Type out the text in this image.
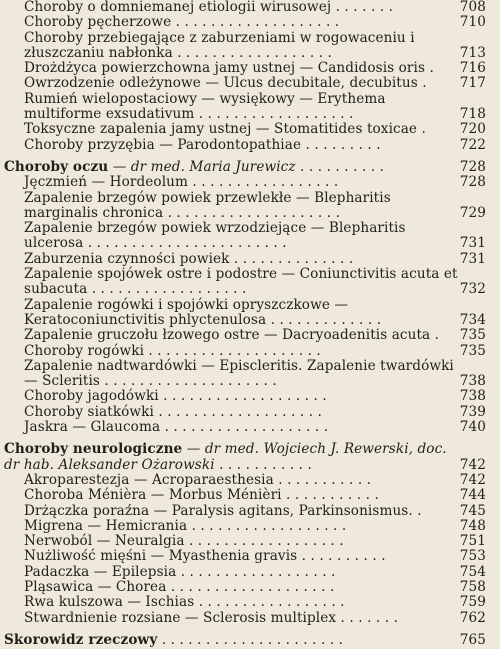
Choroby o domniemanej etiologii wirusowej . . . . . . .	708
Choroby pęcherzowe . . . . . . . . . . . . . . . . . . .	710
Choroby przebiegające z zaburzeniami w rogowaceniu i złuszczaniu nabłonka . . . . . . . . . . . . . . . . . .	713
Drożdżyca powierzchowna jamy ustnej — Candidosis oris . 716
Owrzodzenie odleżynowe — Ulcus decubitale, decubitus . 717
Rumień wielopostaciowy — wysiękowy — Erythema multiforme exsudativum . . . . . . . . . . . . . . . . . .	718
Toksyczne zapalenia jamy ustnej — Stomatitides toxicae . 720
Choroby przyzębia — Parodontopathiae . . . . . . . . .	722
Choroby oczu — dr med. Maria Jurewicz . . . . . . . . . .	728
Jęczmień — Hordeolum . . . . . . . . . . . . . . . . .	728
Zapalenie brzegów powiek przewlekłe — Blepharitis marginalis chronica . . . . . . . . . . . . . . . . . . . .	729
Zapalenie brzegów powiek wrzodziejące — Blepharitis ulcerosa . . . . . . . . . . . . . . . . . . . . . . .	731
Zaburzenia czynności powiek . . . . . . . . . . . . . .	731
Zapalenie spojówek ostre i podostre — Coniunctivitis acuta et subacuta . . . . . . . . . . . . . . . . . .	732
Zapalenie rogówki i spojówki opryszczkowe — Keratoconiunctivitis phlyctenulosa . . . . . . . . . . . . .	734
Zapalenie gruczołu łzowego ostre — Dacryoadenitis acuta . 735
Choroby rogówki . . . . . . . . . . . . . . . . . . . .	735
Zapalenie nadtwardówki — Episcleritis. Zapalenie twardówki — Scleritis . . . . . . . . . . . . . . . . . . . .	738
Choroby jagodówki . . . . . . . . . . . . . . . . . . .	738
Choroby siatkówki . . . . . . . . . . . . . . . . . . .	739
Jaskra — Glaucoma . . . . . . . . . . . . . . . . . . .	740
Choroby neurologiczne — dr med. Wojciech J. Rewerski, doc. dr hab. Aleksander Ożarowski . . . . . . . . . . .	742
Akroparestezja — Acroparaesthesia . . . . . . . . . . .	742
Choroba Ménièra — Morbus Ménièri . . . . . . . . . . .	744
Drżączka poraźna — Paralysis agitans, Parkinsonismus. .	745
Migrena — Hemicrania . . . . . . . . . . . . . . . . . .	748
Nerwoból — Neuralgia . . . . . . . . . . . . . . . . . .	751
Nużliwość mięśni — Myasthenia gravis . . . . . . . . . .	753
Padaczka — Epilepsia . . . . . . . . . . . . . . . . . .	754
Pląsawica — Chorea . . . . . . . . . . . . . . . . . . .	758
Rwa kulszowa — Ischias . . . . . . . . . . . . . . . . .	759
Stwardnienie rozsiane — Sclerosis multiplex . . . . . . .	762
Skorowidz rzeczowy . . . . . . . . . . . . . . . . . . . . .	765
